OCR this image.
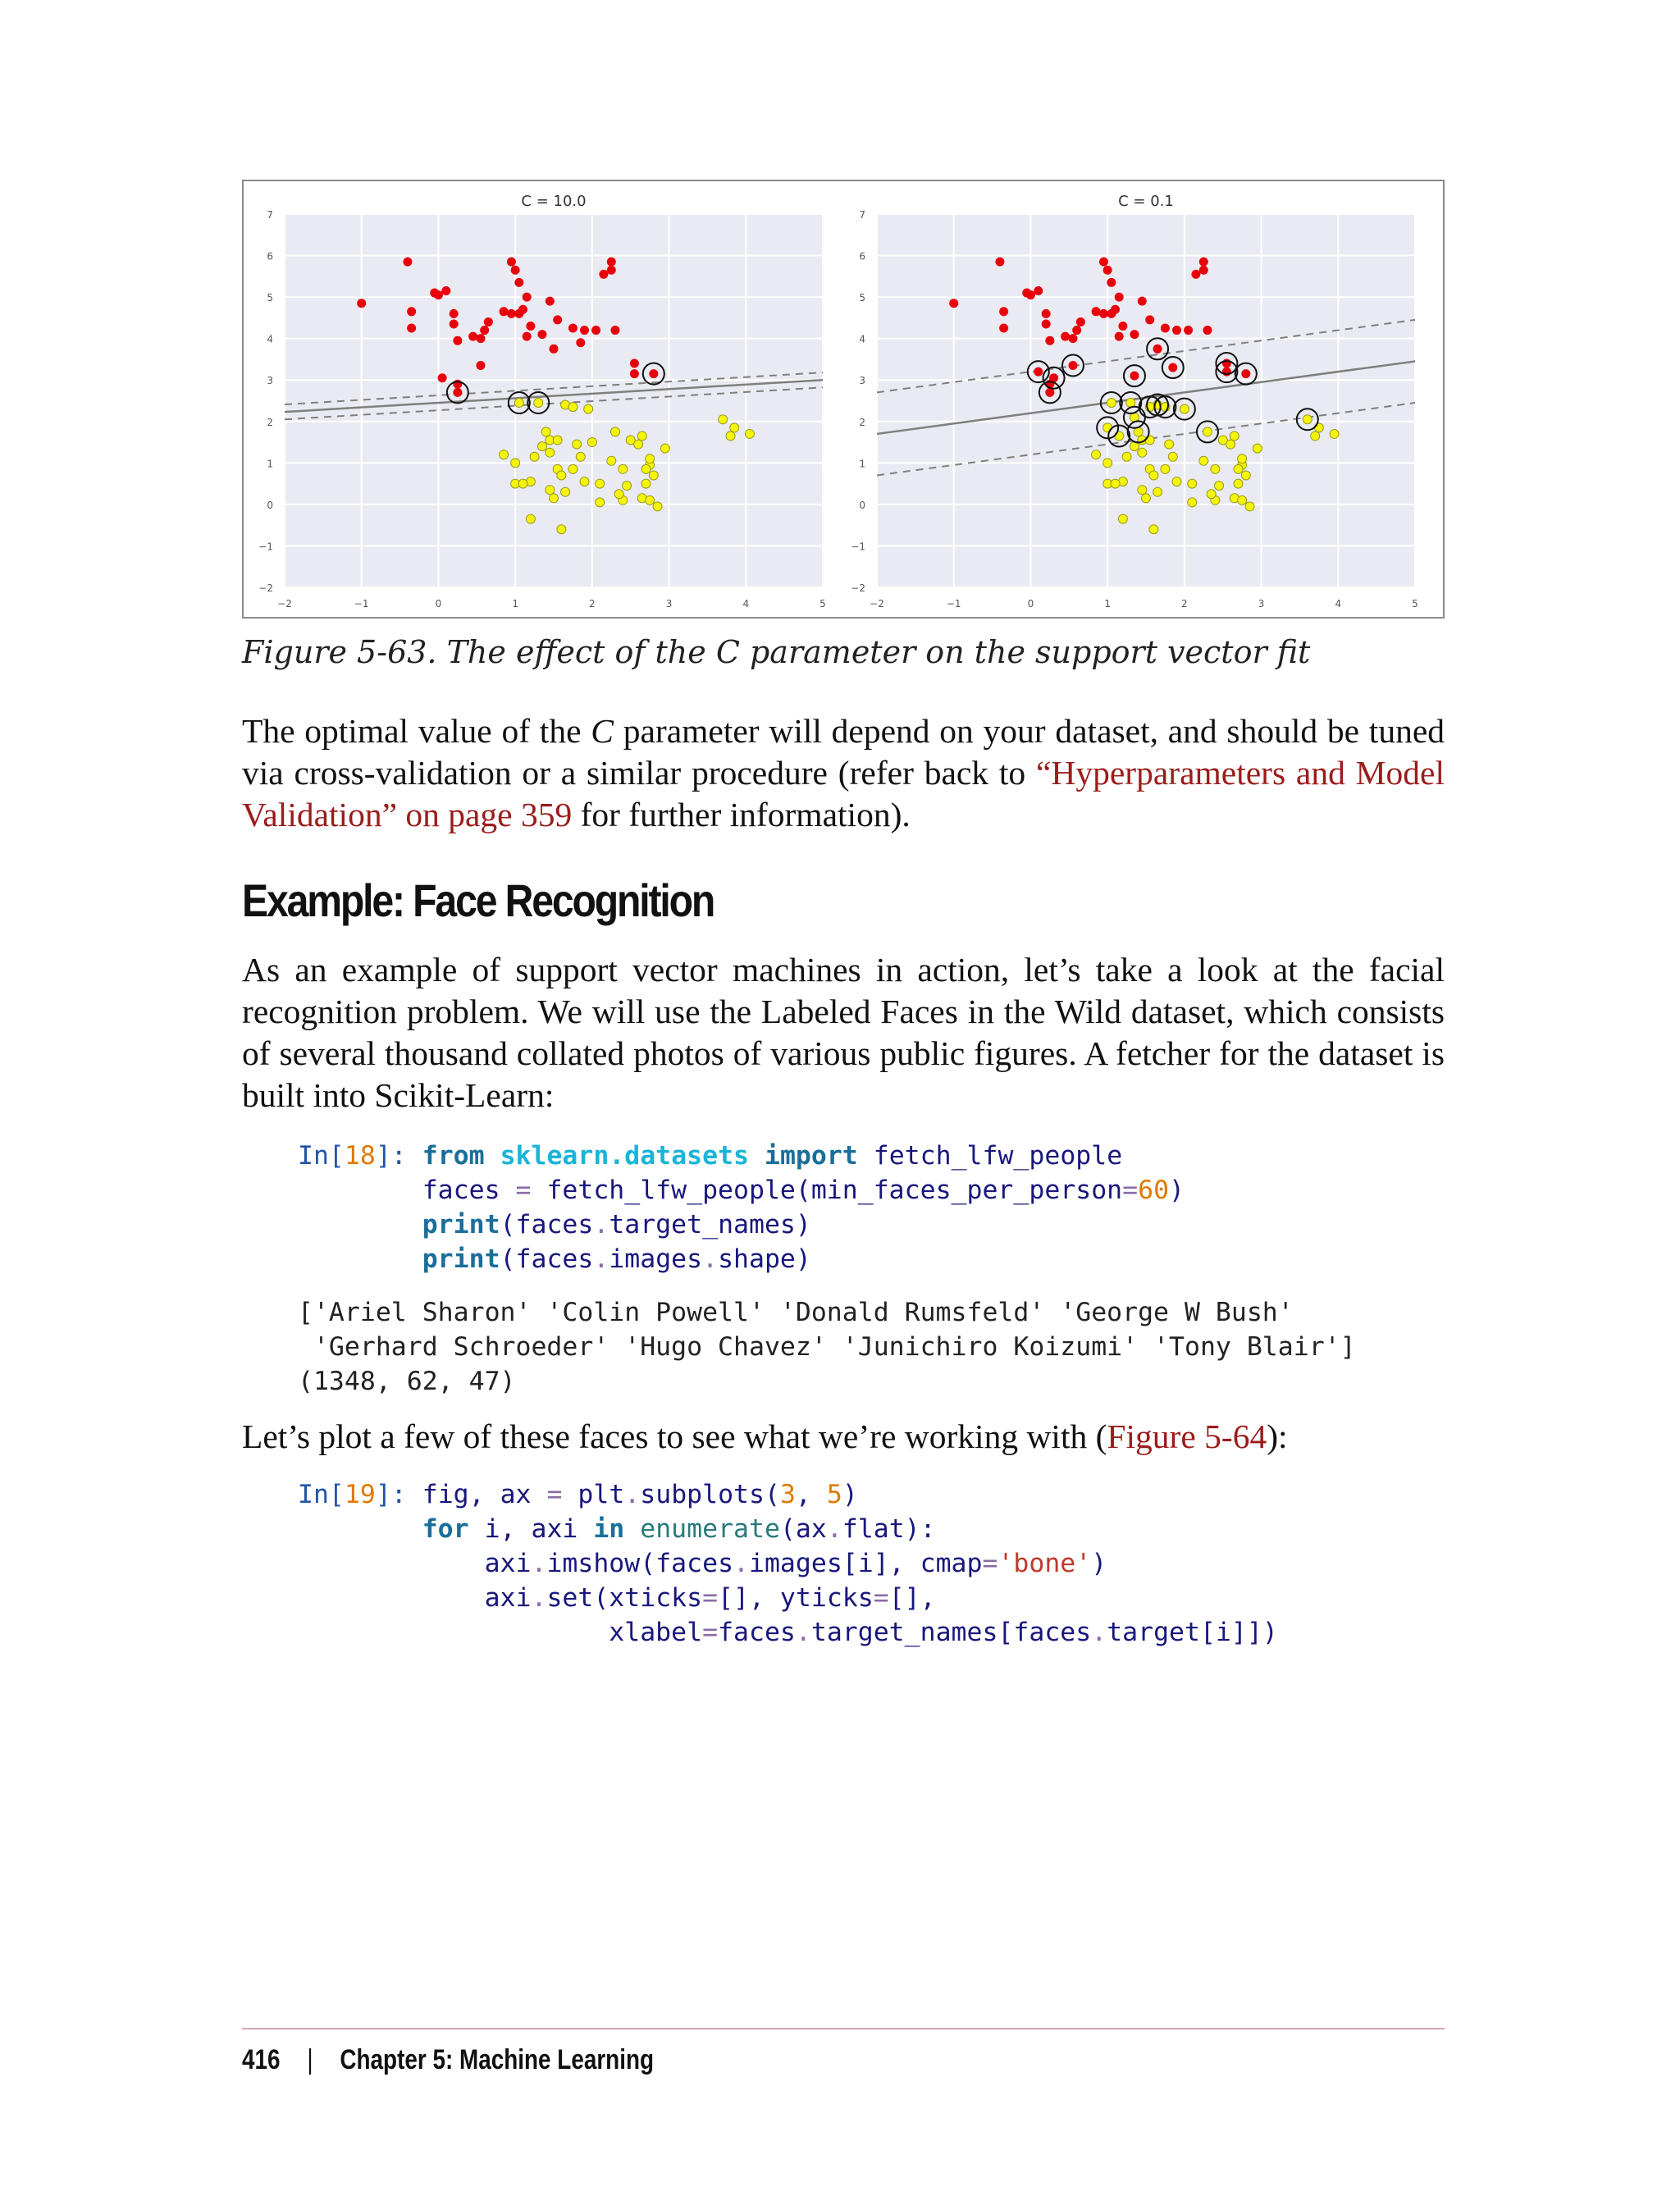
−2	−1	0	1	2	3	4	5
−2
−1
0
1
2
3
4
5
6
7
C = 10.0
−2	−1	0	1	2	3	4	5
−2
−1
0
1
2
3
4
5
6
7
C = 0.1
Figure 5-63. The effect of the C parameter on the support vector fit

The optimal value of the C parameter will depend on your dataset, and should be tuned via cross-validation or a similar procedure (refer back to “Hyperparameters and Model Validation” on page 359 for further information).

Example: Face Recognition

As an example of support vector machines in action, let’s take a look at the facial recognition problem. We will use the Labeled Faces in the Wild dataset, which consists of several thousand collated photos of various public figures. A fetcher for the dataset is built into Scikit-Learn:

In[18]: from sklearn.datasets import fetch_lfw_people
faces = fetch_lfw_people(min_faces_per_person=60)
print(faces.target_names)
print(faces.images.shape)
['Ariel Sharon' 'Colin Powell' 'Donald Rumsfeld' 'George W Bush'
'Gerhard Schroeder' 'Hugo Chavez' 'Junichiro Koizumi' 'Tony Blair']
(1348, 62, 47)

Let’s plot a few of these faces to see what we’re working with (Figure 5-64):

In[19]: fig, ax = plt.subplots(3, 5)
for i, axi in enumerate(ax.flat):
axi.imshow(faces.images[i], cmap='bone')
axi.set(xticks=[], yticks=[],
xlabel=faces.target_names[faces.target[i]])
416 | Chapter 5: Machine Learning
